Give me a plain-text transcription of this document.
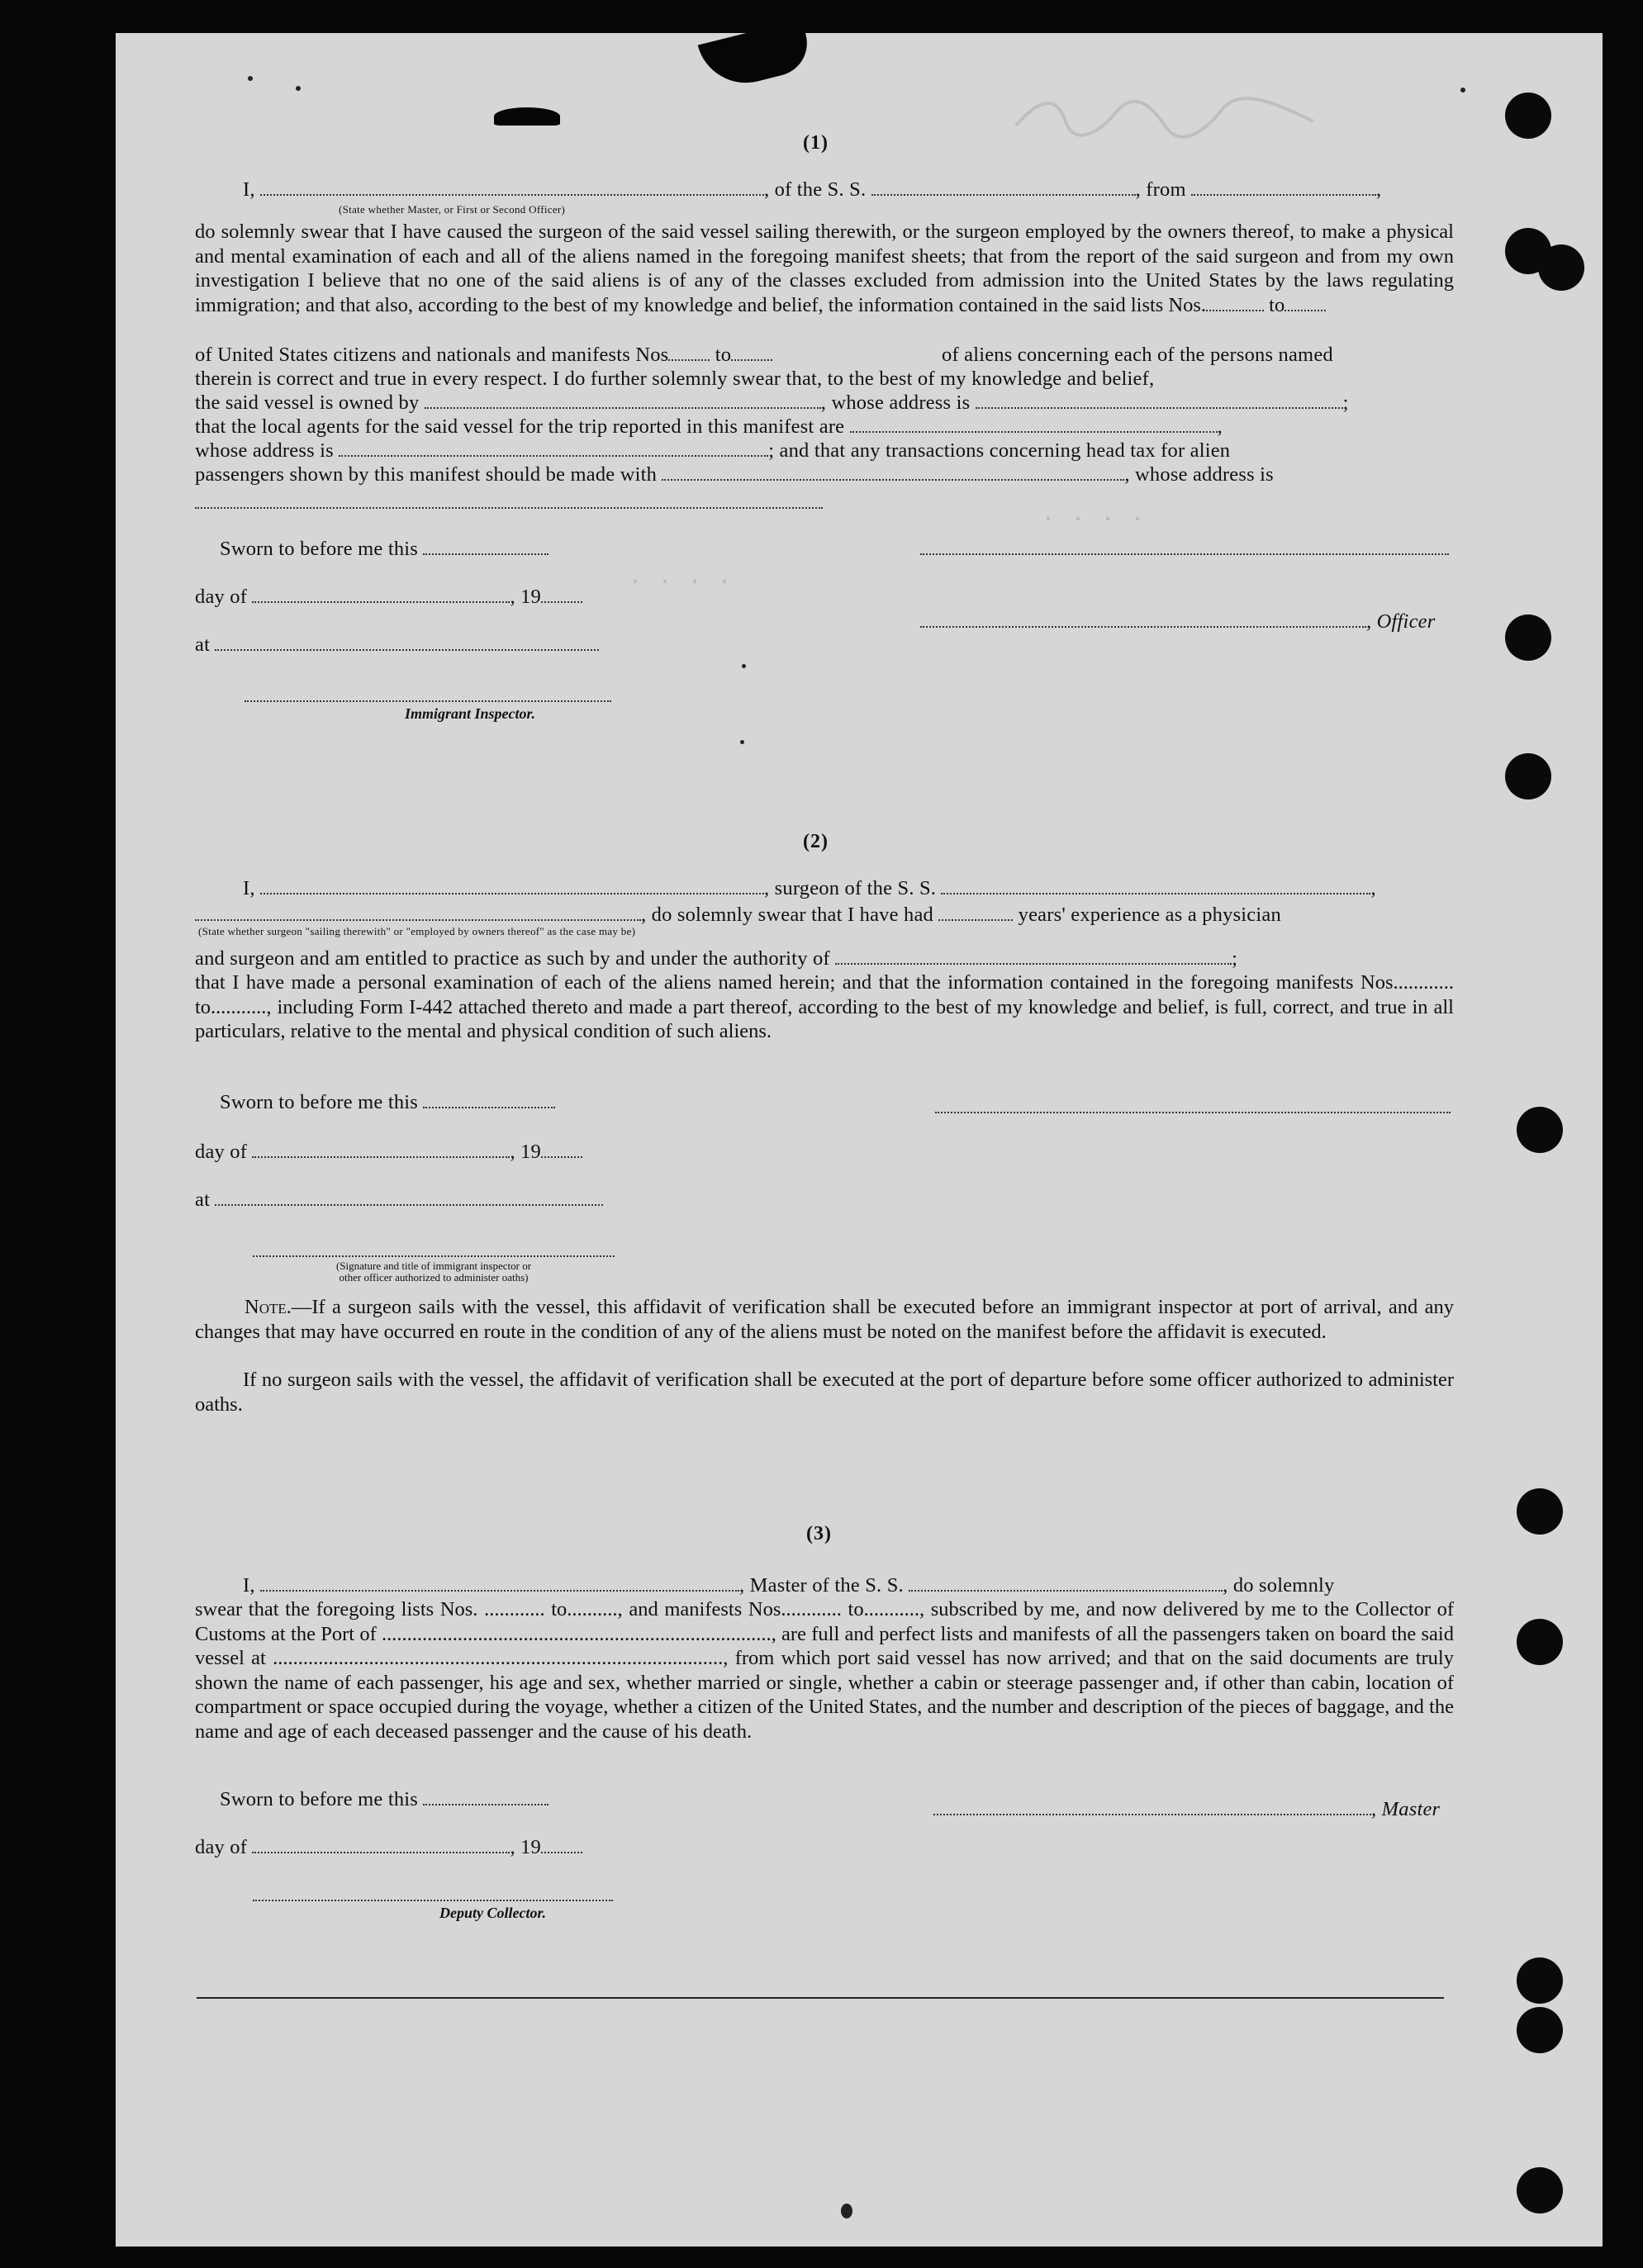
· · · ·
· · · ·
(1)
I,	, of the S. S.	, from	,
(State whether Master, or First or Second Officer)
do solemnly swear that I have caused the surgeon of the said vessel sailing therewith, or the surgeon employed by the owners thereof, to make a physical and mental examination of each and all of the aliens named in the foregoing manifest sheets; that from the report of the said surgeon and from my own investigation I believe that no one of the said aliens is of any of the classes excluded from admission into the United States by the laws regulating immigration; and that also, according to the best of my knowledge and belief, the information contained in the said lists Nos.	to
of United States citizens and nationals and manifests Nos to	of aliens concerning each of the persons named
therein is correct and true in every respect. I do further solemnly swear that, to the best of my knowledge and belief,
the said vessel is owned by	, whose address is	;
that the local agents for the said vessel for the trip reported in this manifest are	,
whose address is	; and that any transactions concerning head tax for alien
passengers shown by this manifest should be made with	, whose address is
Sworn to before me this
day of	, 19
, Officer
at
Immigrant Inspector.
(2)
I,	, surgeon of the S. S.	,
, do solemnly swear that I have had	years' experience as a physician
(State whether surgeon "sailing therewith" or "employed by owners thereof" as the case may be)
and surgeon and am entitled to practice as such by and under the authority of	;
that I have made a personal examination of each of the aliens named herein; and that the information contained in the foregoing manifests Nos............ to..........., including Form I-442 attached thereto and made a part thereof, according to the best of my knowledge and belief, is full, correct, and true in all particulars, relative to the mental and physical condition of such aliens.
Sworn to before me this
day of	, 19
at
(Signature and title of immigrant inspector or
other officer authorized to administer oaths)
Note.—If a surgeon sails with the vessel, this affidavit of verification shall be executed before an immigrant inspector at port of arrival, and any changes that may have occurred en route in the condition of any of the aliens must be noted on the manifest before the affidavit is executed.
If no surgeon sails with the vessel, the affidavit of verification shall be executed at the port of departure before some officer authorized to administer oaths.
(3)
I,	, Master of the S. S.	, do solemnly
swear that the foregoing lists Nos. ............ to.........., and manifests Nos............ to..........., subscribed by me, and now delivered by me to the Collector of Customs at the Port of ............................................................................., are full and perfect lists and manifests of all the passengers taken on board the said vessel at ........................................................................................., from which port said vessel has now arrived; and that on the said documents are truly shown the name of each passenger, his age and sex, whether married or single, whether a cabin or steerage passenger and, if other than cabin, location of compartment or space occupied during the voyage, whether a citizen of the United States, and the number and description of the pieces of baggage, and the name and age of each deceased passenger and the cause of his death.
Sworn to before me this	, Master
day of	, 19
Deputy Collector.
